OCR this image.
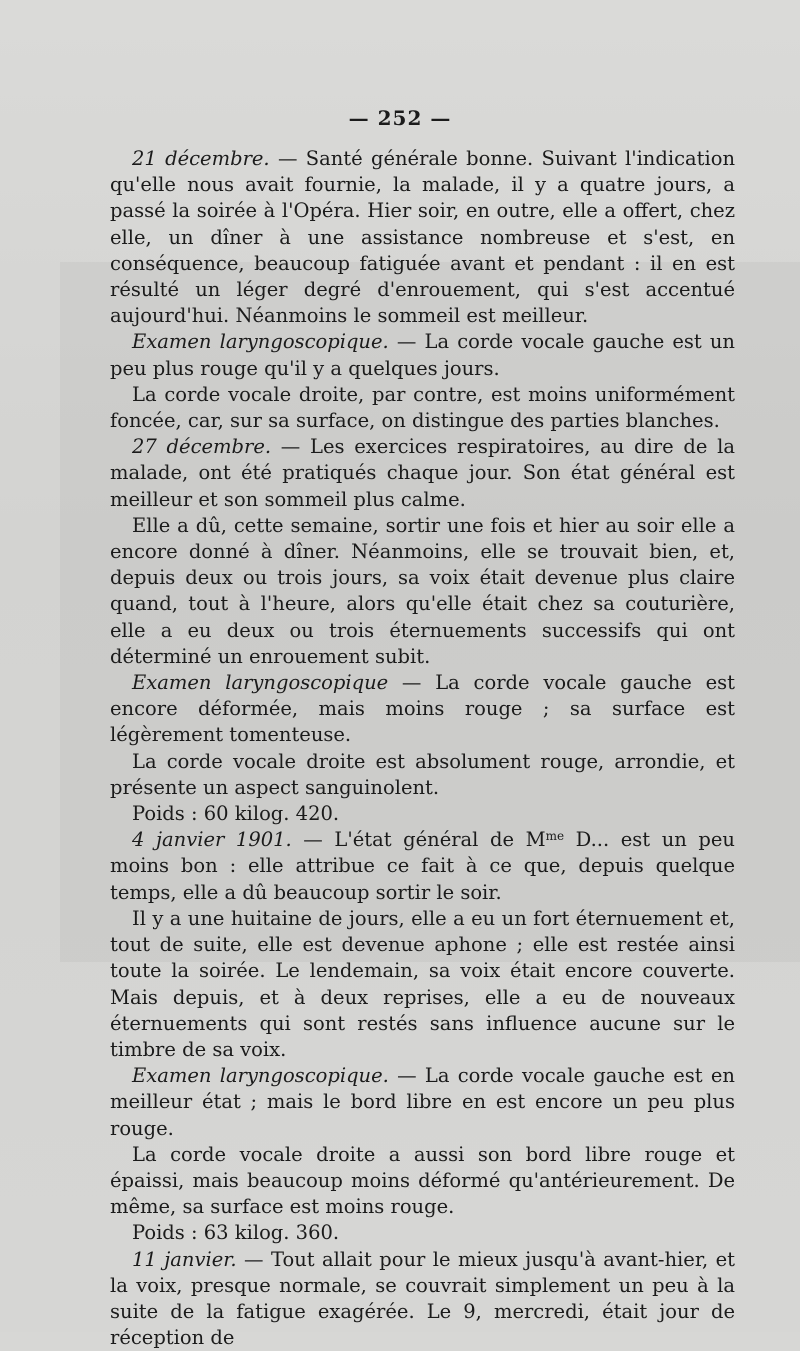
— 252 —

21 décembre. — Santé générale bonne. Suivant l'indication qu'elle nous avait fournie, la malade, il y a quatre jours, a passé la soirée à l'Opéra. Hier soir, en outre, elle a offert, chez elle, un dîner à une assistance nombreuse et s'est, en conséquence, beaucoup fatiguée avant et pendant : il en est résulté un léger degré d'enrouement, qui s'est accentué aujourd'hui. Néanmoins le sommeil est meilleur.

Examen laryngoscopique. — La corde vocale gauche est un peu plus rouge qu'il y a quelques jours.

La corde vocale droite, par contre, est moins uniformément foncée, car, sur sa surface, on distingue des parties blanches.

27 décembre. — Les exercices respiratoires, au dire de la malade, ont été pratiqués chaque jour. Son état général est meilleur et son sommeil plus calme.

Elle a dû, cette semaine, sortir une fois et hier au soir elle a encore donné à dîner. Néanmoins, elle se trouvait bien, et, depuis deux ou trois jours, sa voix était devenue plus claire quand, tout à l'heure, alors qu'elle était chez sa couturière, elle a eu deux ou trois éternuements successifs qui ont déterminé un enrouement subit.

Examen laryngoscopique — La corde vocale gauche est encore déformée, mais moins rouge ; sa surface est légèrement tomenteuse.

La corde vocale droite est absolument rouge, arrondie, et présente un aspect sanguinolent.

Poids : 60 kilog. 420.

4 janvier 1901. — L'état général de $M^{me}$ D... est un peu moins bon : elle attribue ce fait à ce que, depuis quelque temps, elle a dû beaucoup sortir le soir.

Il y a une huitaine de jours, elle a eu un fort éternuement et, tout de suite, elle est devenue aphone ; elle est restée ainsi toute la soirée. Le lendemain, sa voix était encore couverte. Mais depuis, et à deux reprises, elle a eu de nouveaux éternuements qui sont restés sans influence aucune sur le timbre de sa voix.

Examen laryngoscopique. — La corde vocale gauche est en meilleur état ; mais le bord libre en est encore un peu plus rouge.

La corde vocale droite a aussi son bord libre rouge et épaissi, mais beaucoup moins déformé qu'antérieurement. De même, sa surface est moins rouge.

Poids : 63 kilog. 360.

11 janvier. — Tout allait pour le mieux jusqu'à avant-hier, et la voix, presque normale, se couvrait simplement un peu à la suite de la fatigue exagérée. Le 9, mercredi, était jour de réception de
